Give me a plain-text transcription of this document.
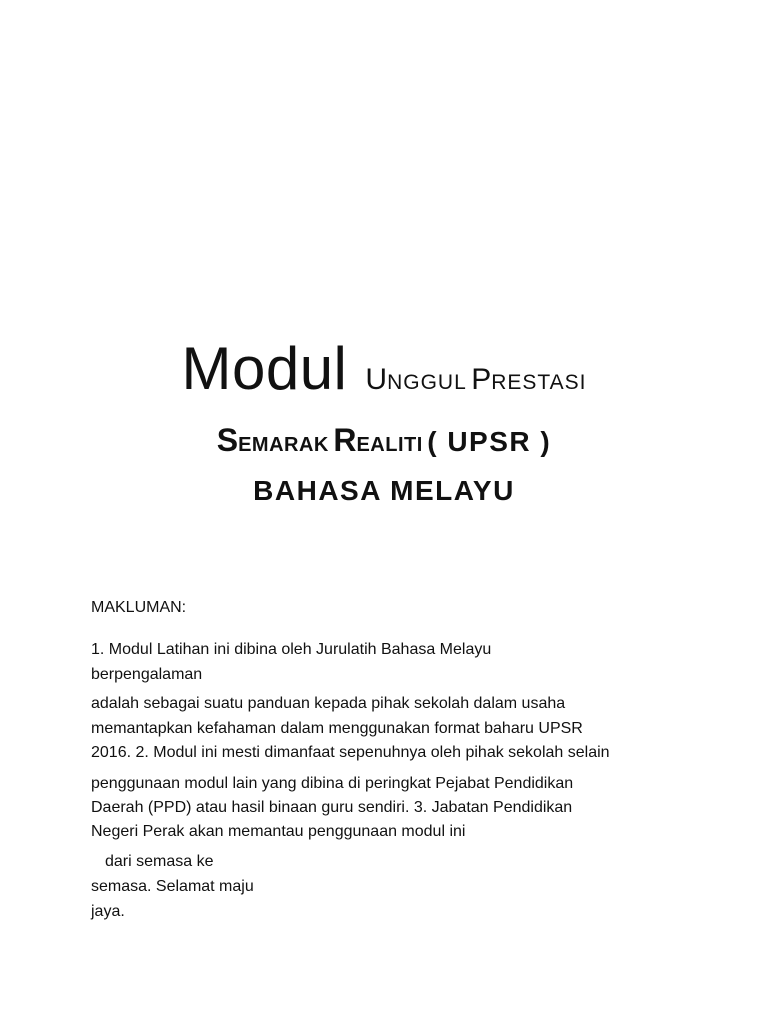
Modul UNGGUL PRESTASI
SEMARAK REALITI ( UPSR )
BAHASA MELAYU
MAKLUMAN:
1. Modul Latihan ini dibina oleh Jurulatih Bahasa Melayu
berpengalaman
adalah sebagai suatu panduan kepada pihak sekolah dalam usaha
memantapkan kefahaman dalam menggunakan format baharu UPSR
2016. 2. Modul ini mesti dimanfaat sepenuhnya oleh pihak sekolah selain
penggunaan modul lain yang dibina di peringkat Pejabat Pendidikan
Daerah (PPD) atau hasil binaan guru sendiri. 3. Jabatan Pendidikan
Negeri Perak akan memantau penggunaan modul ini
dari semasa ke
semasa. Selamat maju
jaya.
